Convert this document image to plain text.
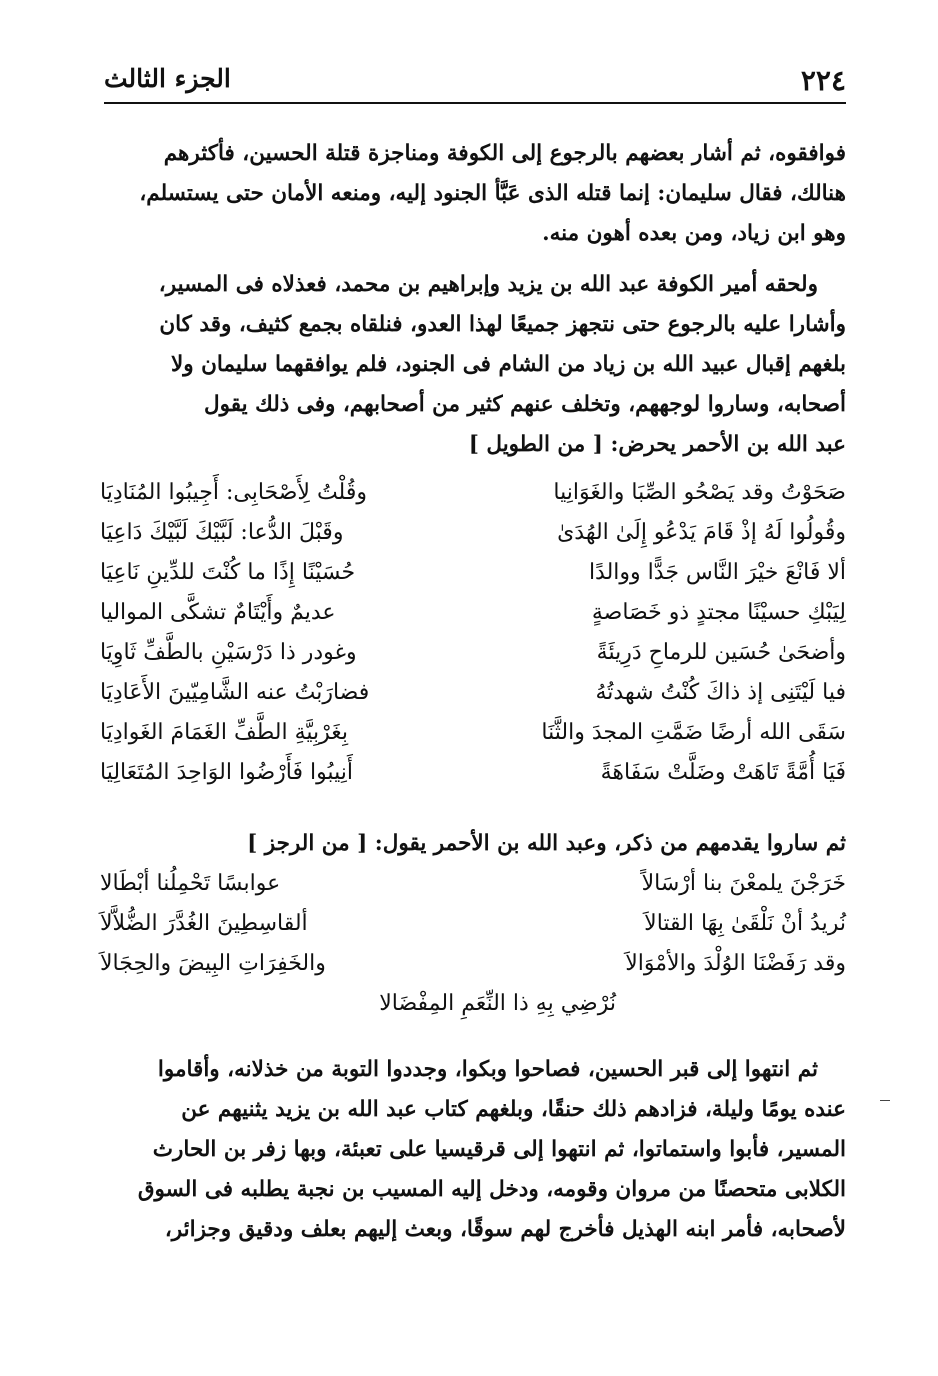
٢٢٤
الجزء الثالث

فوافقوه، ثم أشار بعضهم بالرجوع إلى الكوفة ومناجزة قتلة الحسين، فأكثرهم

هنالك، فقال سليمان: إنما قتله الذى عَبَّأ الجنود إليه، ومنعه الأمان حتى يستسلم،

وهو ابن زياد، ومن بعده أهون منه.

ولحقه أمير الكوفة عبد الله بن يزيد وإبراهيم بن محمد، فعذلاه فى المسير،

وأشارا عليه بالرجوع حتى نتجهز جميعًا لهذا العدو، فنلقاه بجمع كثيف، وقد كان

بلغهم إقبال عبيد الله بن زياد من الشام فى الجنود، فلم يوافقهما سليمان ولا

أصحابه، وساروا لوجههم، وتخلف عنهم كثير من أصحابهم، وفى ذلك يقول

عبد الله بن الأحمر يحرض: [ من الطويل ]

صَحَوْتُ وقد يَصْحُو الصِّبَا والغَوَانِيا
وقُلْتُ لِأَصْحَابِى: أَجِيبُوا المُنَادِيَا
وقُولُوا لَهُ إذْ قَامَ يَدْعُو إِلَىٰ الهُدَىٰ
وقَبْلَ الدُّعا: لَبَّيْكَ لَبَّيْكَ دَاعِيَا
ألا فَانْعَ خيْرَ النَّاس جَدًّا ووالدًا
حُسَيْنًا إِذًا ما كُنْتَ للدِّينِ نَاعِيَا
لِيَبْكِ حسيْنًا مجتدٍ ذو خَصَاصةٍ
عديمٌ وأَيْتَامٌ تشكَّى المواليا
وأضحَىٰ حُسَين للرماحِ دَرِيئَةً
وغودر ذا دَرْسَيْنِ بالطَّفِّ ثَاوِيَا
فيا لَيْتَنِى إذ ذاكَ كُنْتُ شهدتُهُ
فضارَبْتُ عنه الشَّامِيّينَ الأَعَادِيَا
سَقَى الله أرضًا ضَمَّتِ المجدَ والثَّنَا
بِغَرْبِيَّةِ الطَّفِّ الغَمَامَ الغَوادِيَا
فَيَا أُمَّةً تَاهَتْ وضَلَّتْ سَفَاهَةً
أَنِيبُوا فَأَرْضُوا الوَاحِدَ المُتَعَالِيَا
ثم ساروا يقدمهم من ذكر، وعبد الله بن الأحمر يقول: [ من الرجز ]
خَرَجْنَ يلمعْنَ بنا أرْسَالاً
عوابسًا تَحْمِلُنا أبْطَالا
نُريدُ أنْ نَلْقَىٰ بِهَا القتالاَ
ألقاسِطِينَ الغُدَّرَ الضُّلاَّلاَ
وقد رَفَضْنَا الوُلْدَ والأمْوَالاَ
والخَفِرَاتِ البِيضَ والحِجَالاَ
نُرْضِي بِهِ ذا النِّعَمِ المِفْضَالا

ثم انتهوا إلى قبر الحسين، فصاحوا وبكوا، وجددوا التوبة من خذلانه، وأقاموا

عنده يومًا وليلة، فزادهم ذلك حنقًا، وبلغهم كتاب عبد الله بن يزيد يثنيهم عن

المسير، فأبوا واستماتوا، ثم انتهوا إلى قرقيسيا على تعبئة، وبها زفر بن الحارث

الكلابى متحصنًا من مروان وقومه، ودخل إليه المسيب بن نجبة يطلبه فى السوق

لأصحابه، فأمر ابنه الهذيل فأخرج لهم سوقًا، وبعث إليهم بعلف ودقيق وجزائر،
